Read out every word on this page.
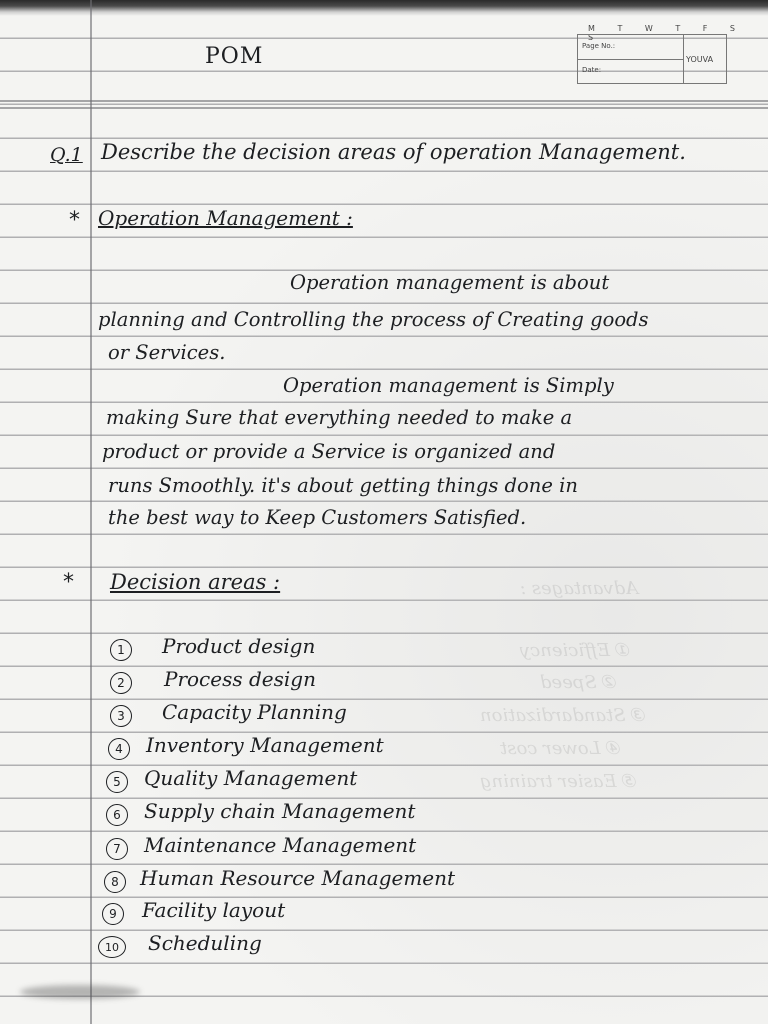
① Efficiency
② Speed
③ Standardization
④ Lower cost
⑤ Easier training
Advantages :
M T W T F S S
Page No.:
Date:
YOUVA
POM
Q.1 Describe the decision areas of operation Management.
* Operation Management :
Operation management is about
planning and Controlling the process of Creating goods
or Services.
Operation management is Simply
making Sure that everything needed to make a
product or provide a Service is organized and
runs Smoothly. it's about getting things done in
the best way to Keep Customers Satisfied.
* Decision areas :
1	Product design
2	Process design
3	Capacity Planning
4	Inventory Management
5	Quality Management
6	Supply chain Management
7	Maintenance Management
8	Human Resource Management
9	Facility layout
10	Scheduling
